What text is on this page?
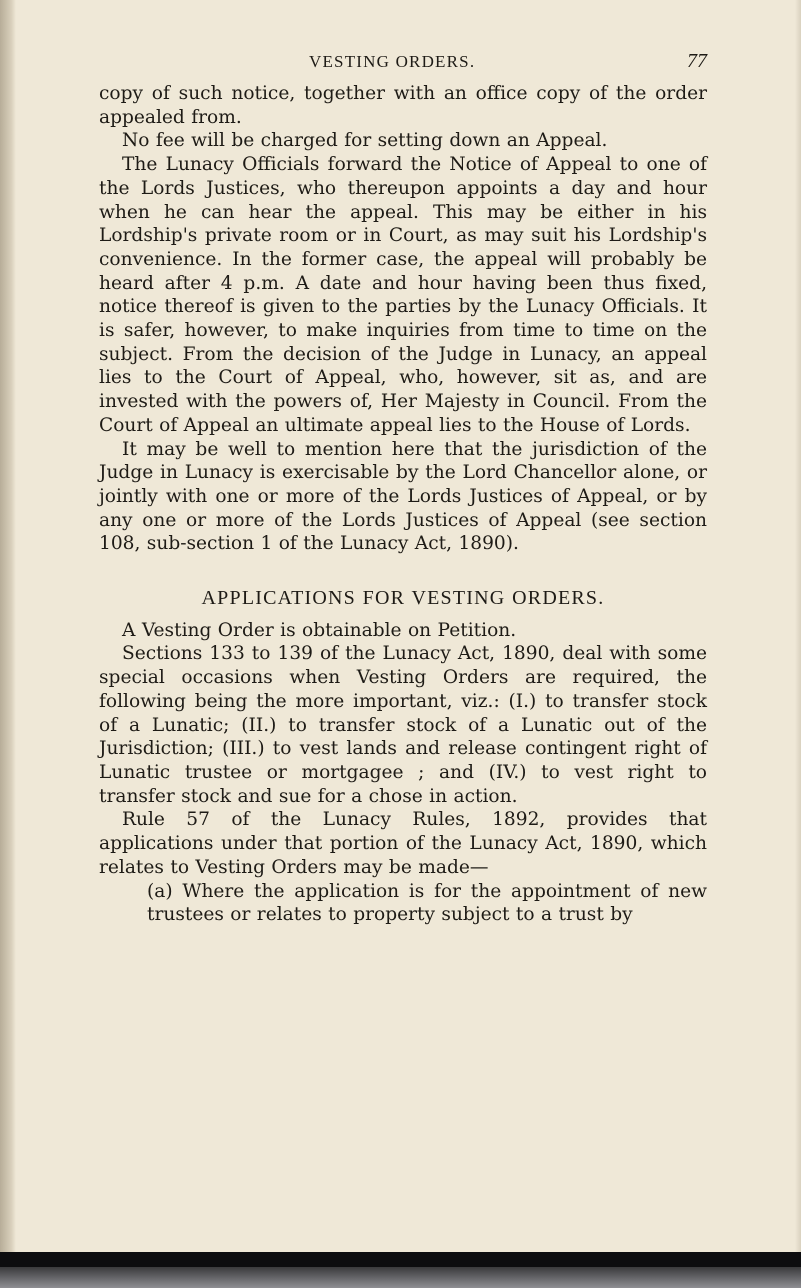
VESTING ORDERS.	77

copy of such notice, together with an office copy of the order appealed from.

No fee will be charged for setting down an Appeal.

The Lunacy Officials forward the Notice of Appeal to one of the Lords Justices, who thereupon appoints a day and hour when he can hear the appeal. This may be either in his Lordship's private room or in Court, as may suit his Lordship's convenience. In the former case, the appeal will probably be heard after 4 p.m. A date and hour having been thus fixed, notice thereof is given to the parties by the Lunacy Officials. It is safer, however, to make inquiries from time to time on the subject. From the decision of the Judge in Lunacy, an appeal lies to the Court of Appeal, who, however, sit as, and are invested with the powers of, Her Majesty in Council. From the Court of Appeal an ultimate appeal lies to the House of Lords.

It may be well to mention here that the jurisdiction of the Judge in Lunacy is exercisable by the Lord Chancellor alone, or jointly with one or more of the Lords Justices of Appeal, or by any one or more of the Lords Justices of Appeal (see section 108, sub-section 1 of the Lunacy Act, 1890).

APPLICATIONS FOR VESTING ORDERS.

A Vesting Order is obtainable on Petition.

Sections 133 to 139 of the Lunacy Act, 1890, deal with some special occasions when Vesting Orders are required, the following being the more important, viz.: (I.) to transfer stock of a Lunatic; (II.) to transfer stock of a Lunatic out of the Jurisdiction; (III.) to vest lands and release contingent right of Lunatic trustee or mortgagee ; and (IV.) to vest right to transfer stock and sue for a chose in action.

Rule 57 of the Lunacy Rules, 1892, provides that applications under that portion of the Lunacy Act, 1890, which relates to Vesting Orders may be made—

(a) Where the application is for the appointment of new trustees or relates to property subject to a trust by
